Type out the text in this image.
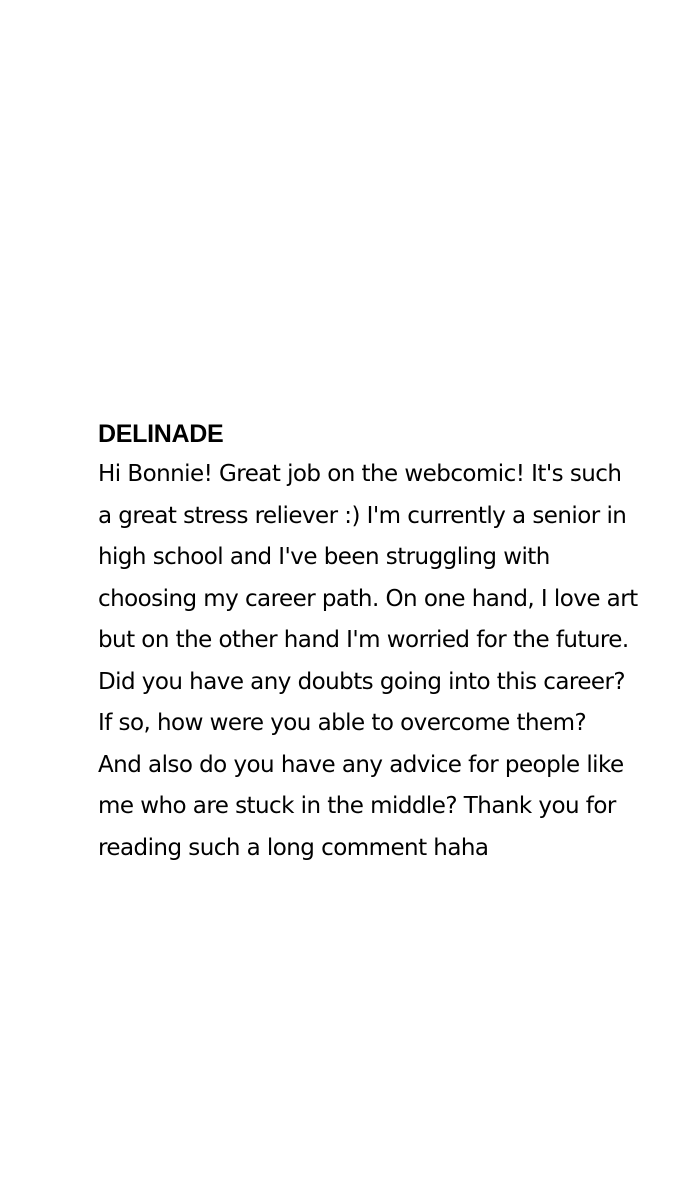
DELINADE

Hi Bonnie! Great job on the webcomic! It's such
a great stress reliever :) I'm currently a senior in
high school and I've been struggling with
choosing my career path. On one hand, I love art
but on the other hand I'm worried for the future.
Did you have any doubts going into this career?
If so, how were you able to overcome them?
And also do you have any advice for people like
me who are stuck in the middle? Thank you for
reading such a long comment haha
